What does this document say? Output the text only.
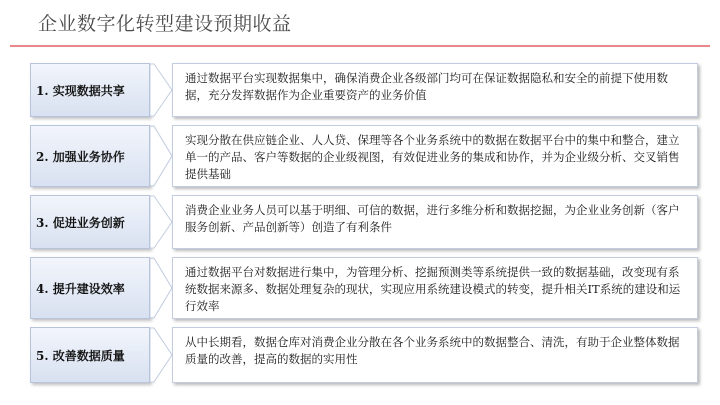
企业数字化转型建设预期收益
1. 实现数据共享
通过数据平台实现数据集中，确保消费企业各级部门均可在保证数据隐私和安全的前提下使用数据，充分发挥数据作为企业重要资产的业务价值
2. 加强业务协作
实现分散在供应链企业、人人贷、保理等各个业务系统中的数据在数据平台中的集中和整合，建立单一的产品、客户等数据的企业级视图，有效促进业务的集成和协作，并为企业级分析、交叉销售提供基础
3. 促进业务创新
消费企业业务人员可以基于明细、可信的数据，进行多维分析和数据挖掘，为企业业务创新（客户服务创新、产品创新等）创造了有利条件
4. 提升建设效率
通过数据平台对数据进行集中，为管理分析、挖掘预测类等系统提供一致的数据基础，改变现有系统数据来源多、数据处理复杂的现状，实现应用系统建设模式的转变，提升相关IT系统的建设和运行效率
5. 改善数据质量
从中长期看，数据仓库对消费企业分散在各个业务系统中的数据整合、清洗，有助于企业整体数据质量的改善，提高的数据的实用性
